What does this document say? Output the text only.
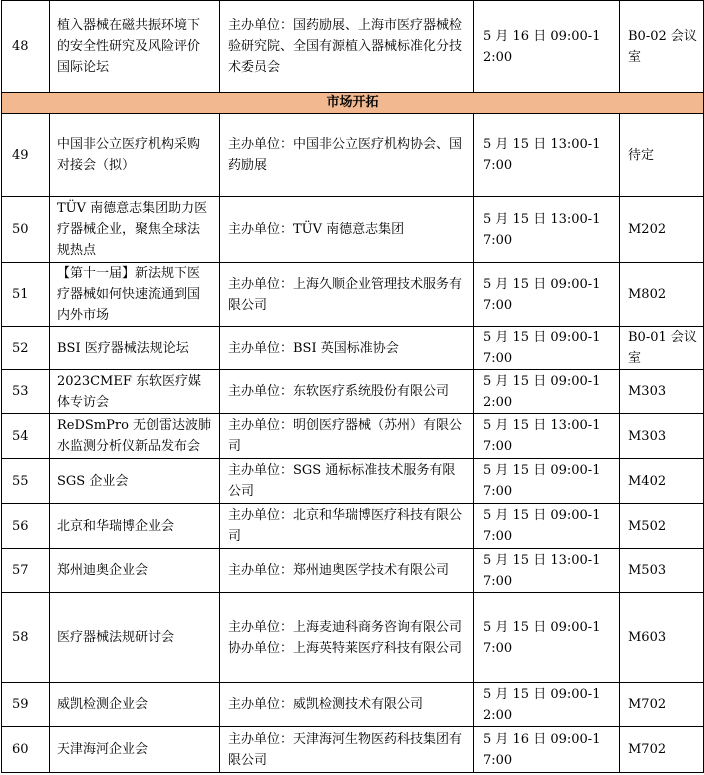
48	植入器械在磁共振环境下的安全性研究及风险评价国际论坛	主办单位：国药励展、上海市医疗器械检验研究院、全国有源植入器械标准化分技术委员会	5 月 16 日 09:00-12:00	B0-02 会议室
市场开拓				
49	中国非公立医疗机构采购对接会（拟）	主办单位：中国非公立医疗机构协会、国药励展	5 月 15 日 13:00-17:00	待定
50	TÜV 南德意志集团助力医疗器械企业，聚焦全球法规热点	主办单位：TÜV 南德意志集团	5 月 15 日 13:00-17:00	M202
51	【第十一届】新法规下医疗器械如何快速流通到国内外市场	主办单位：上海久顺企业管理技术服务有限公司	5 月 15 日 09:00-17:00	M802
52	BSI 医疗器械法规论坛	主办单位：BSI 英国标准协会	5 月 15 日 09:00-17:00	B0-01 会议室
53	2023CMEF 东软医疗媒体专访会	主办单位：东软医疗系统股份有限公司	5 月 15 日 09:00-12:00	M303
54	ReDSmPro 无创雷达波肺水监测分析仪新品发布会	主办单位：明创医疗器械（苏州）有限公司	5 月 15 日 13:00-17:00	M303
55	SGS 企业会	主办单位：SGS 通标标准技术服务有限公司	5 月 15 日 09:00-17:00	M402
56	北京和华瑞博企业会	主办单位：北京和华瑞博医疗科技有限公司	5 月 15 日 09:00-17:00	M502
57	郑州迪奥企业会	主办单位：郑州迪奥医学技术有限公司	5 月 15 日 13:00-17:00	M503
58	医疗器械法规研讨会	主办单位：上海麦迪科商务咨询有限公司
协办单位：上海英特莱医疗科技有限公司	5 月 15 日 09:00-17:00	M603
59	威凯检测企业会	主办单位：威凯检测技术有限公司	5 月 15 日 09:00-12:00	M702
60	天津海河企业会	主办单位：天津海河生物医药科技集团有限公司	5 月 16 日 09:00-17:00	M702
